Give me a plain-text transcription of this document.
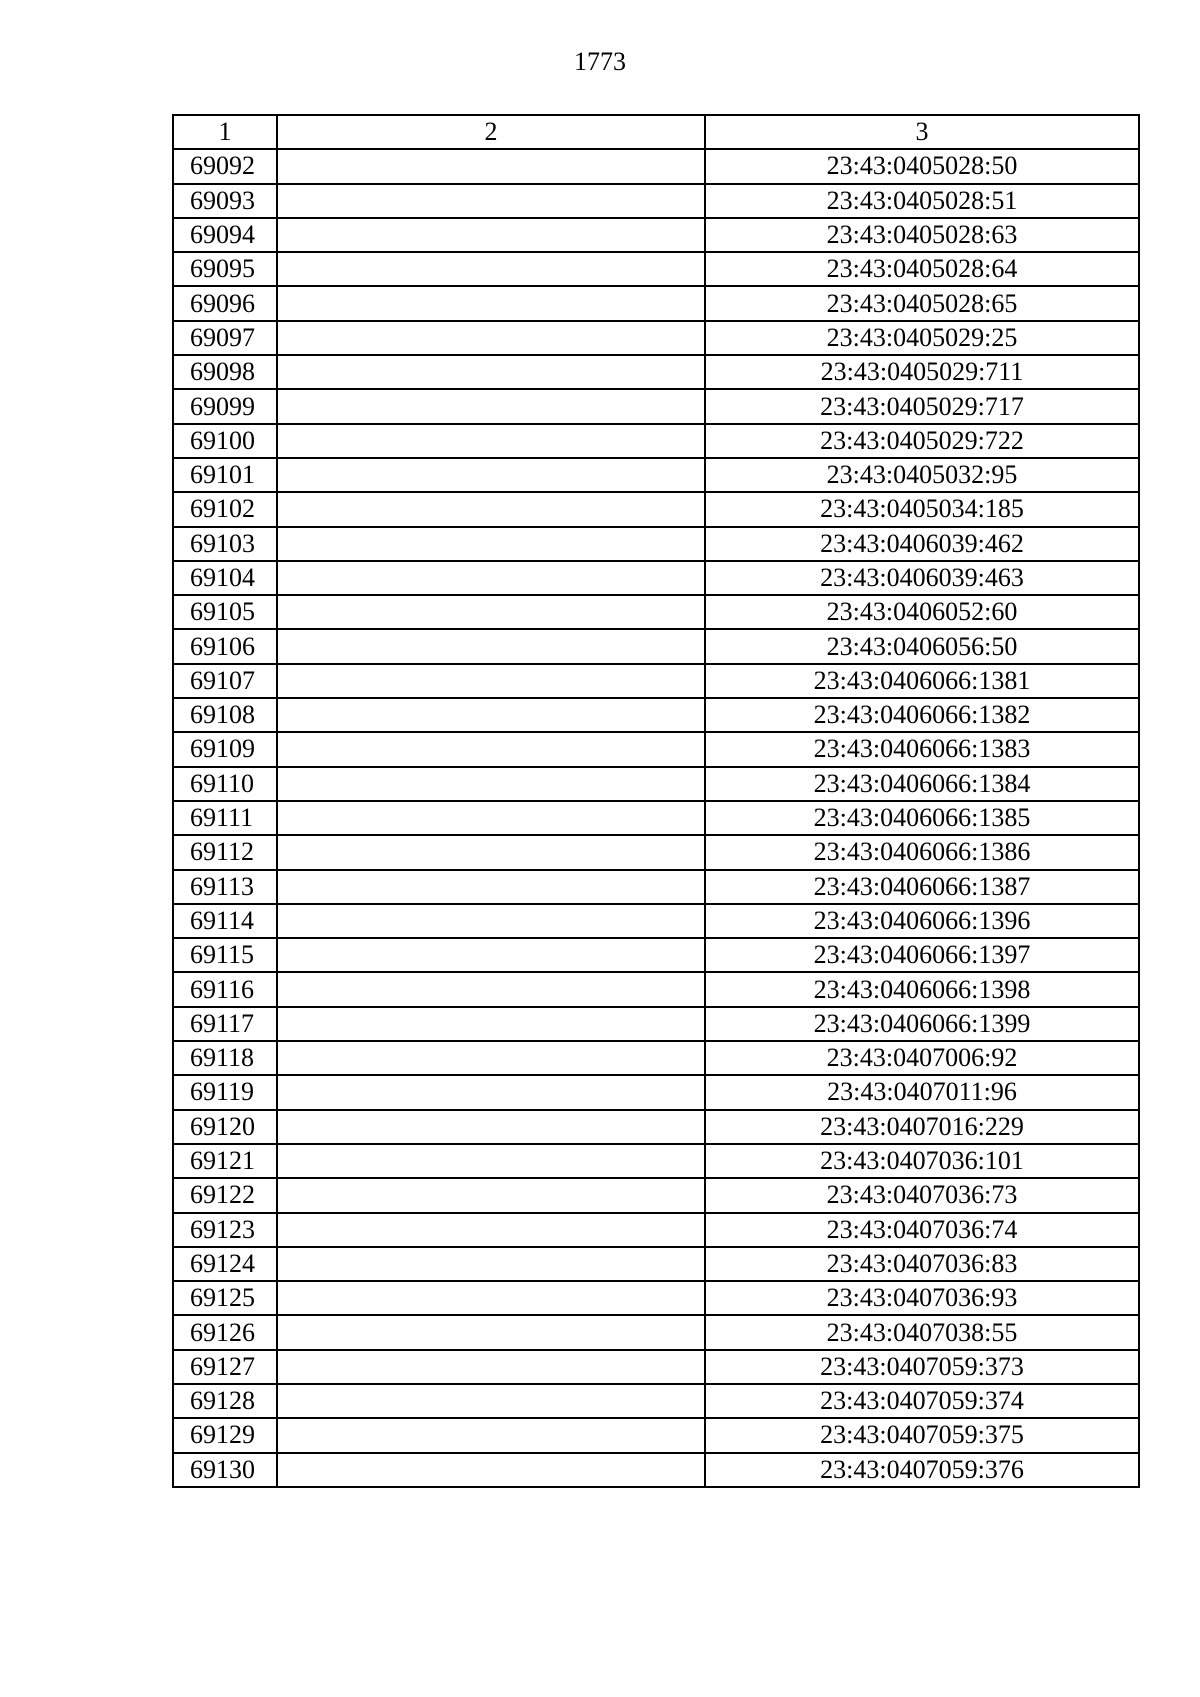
1773
1	2	3
69092		23:43:0405028:50
69093		23:43:0405028:51
69094		23:43:0405028:63
69095		23:43:0405028:64
69096		23:43:0405028:65
69097		23:43:0405029:25
69098		23:43:0405029:711
69099		23:43:0405029:717
69100		23:43:0405029:722
69101		23:43:0405032:95
69102		23:43:0405034:185
69103		23:43:0406039:462
69104		23:43:0406039:463
69105		23:43:0406052:60
69106		23:43:0406056:50
69107		23:43:0406066:1381
69108		23:43:0406066:1382
69109		23:43:0406066:1383
69110		23:43:0406066:1384
69111		23:43:0406066:1385
69112		23:43:0406066:1386
69113		23:43:0406066:1387
69114		23:43:0406066:1396
69115		23:43:0406066:1397
69116		23:43:0406066:1398
69117		23:43:0406066:1399
69118		23:43:0407006:92
69119		23:43:0407011:96
69120		23:43:0407016:229
69121		23:43:0407036:101
69122		23:43:0407036:73
69123		23:43:0407036:74
69124		23:43:0407036:83
69125		23:43:0407036:93
69126		23:43:0407038:55
69127		23:43:0407059:373
69128		23:43:0407059:374
69129		23:43:0407059:375
69130		23:43:0407059:376
